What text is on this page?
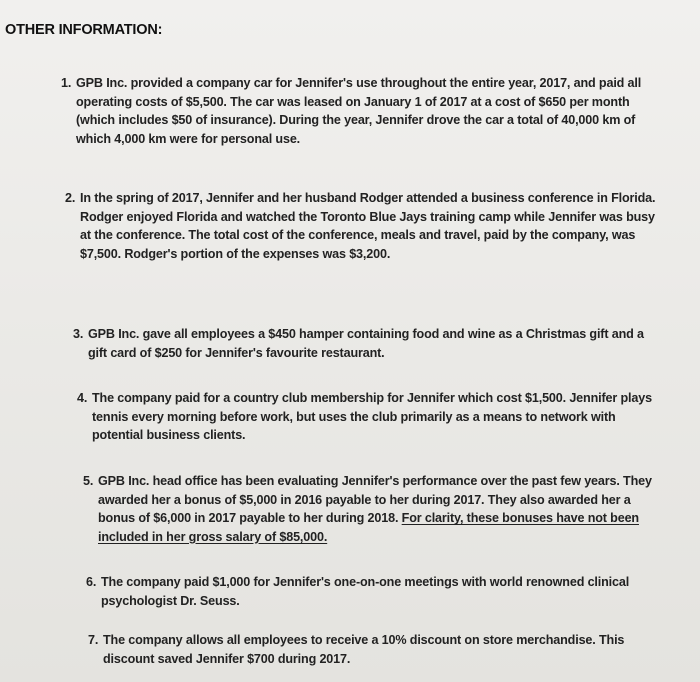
OTHER INFORMATION:
1. GPB Inc. provided a company car for Jennifer's use throughout the entire year, 2017, and paid all operating costs of $5,500. The car was leased on January 1 of 2017 at a cost of $650 per month (which includes $50 of insurance). During the year, Jennifer drove the car a total of 40,000 km of which 4,000 km were for personal use.
2. In the spring of 2017, Jennifer and her husband Rodger attended a business conference in Florida. Rodger enjoyed Florida and watched the Toronto Blue Jays training camp while Jennifer was busy at the conference. The total cost of the conference, meals and travel, paid by the company, was $7,500. Rodger's portion of the expenses was $3,200.
3. GPB Inc. gave all employees a $450 hamper containing food and wine as a Christmas gift and a gift card of $250 for Jennifer's favourite restaurant.
4. The company paid for a country club membership for Jennifer which cost $1,500. Jennifer plays tennis every morning before work, but uses the club primarily as a means to network with potential business clients.
5. GPB Inc. head office has been evaluating Jennifer's performance over the past few years. They awarded her a bonus of $5,000 in 2016 payable to her during 2017. They also awarded her a bonus of $6,000 in 2017 payable to her during 2018. For clarity, these bonuses have not been included in her gross salary of $85,000.
6. The company paid $1,000 for Jennifer's one-on-one meetings with world renowned clinical psychologist Dr. Seuss.
7. The company allows all employees to receive a 10% discount on store merchandise. This discount saved Jennifer $700 during 2017.
